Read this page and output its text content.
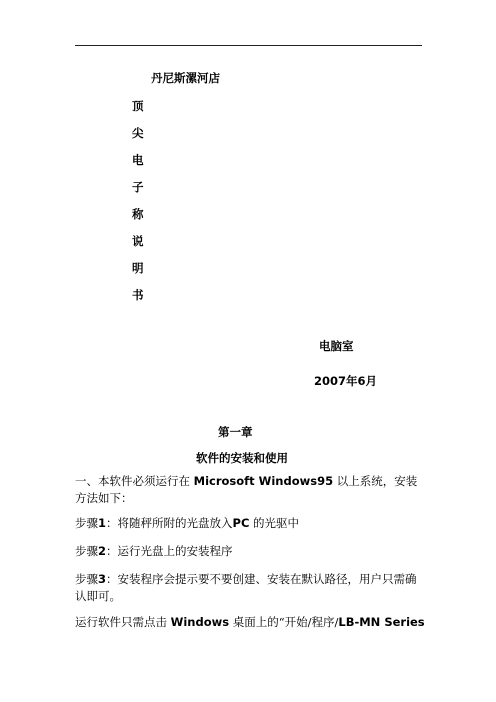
丹尼斯漯河店
顶
尖
电
子
称
说
明
书
电脑室
2007年6月
第一章
软件的安装和使用
一、本软件必须运行在 Microsoft Windows95 以上系统，安装方法如下：
步骤1：将随秤所附的光盘放入PC 的光驱中
步骤2：运行光盘上的安装程序
步骤3：安装程序会提示要不要创建、安装在默认路径，用户只需确认即可。
运行软件只需点击 Windows 桌面上的“开始/程序/LB-MN Series
